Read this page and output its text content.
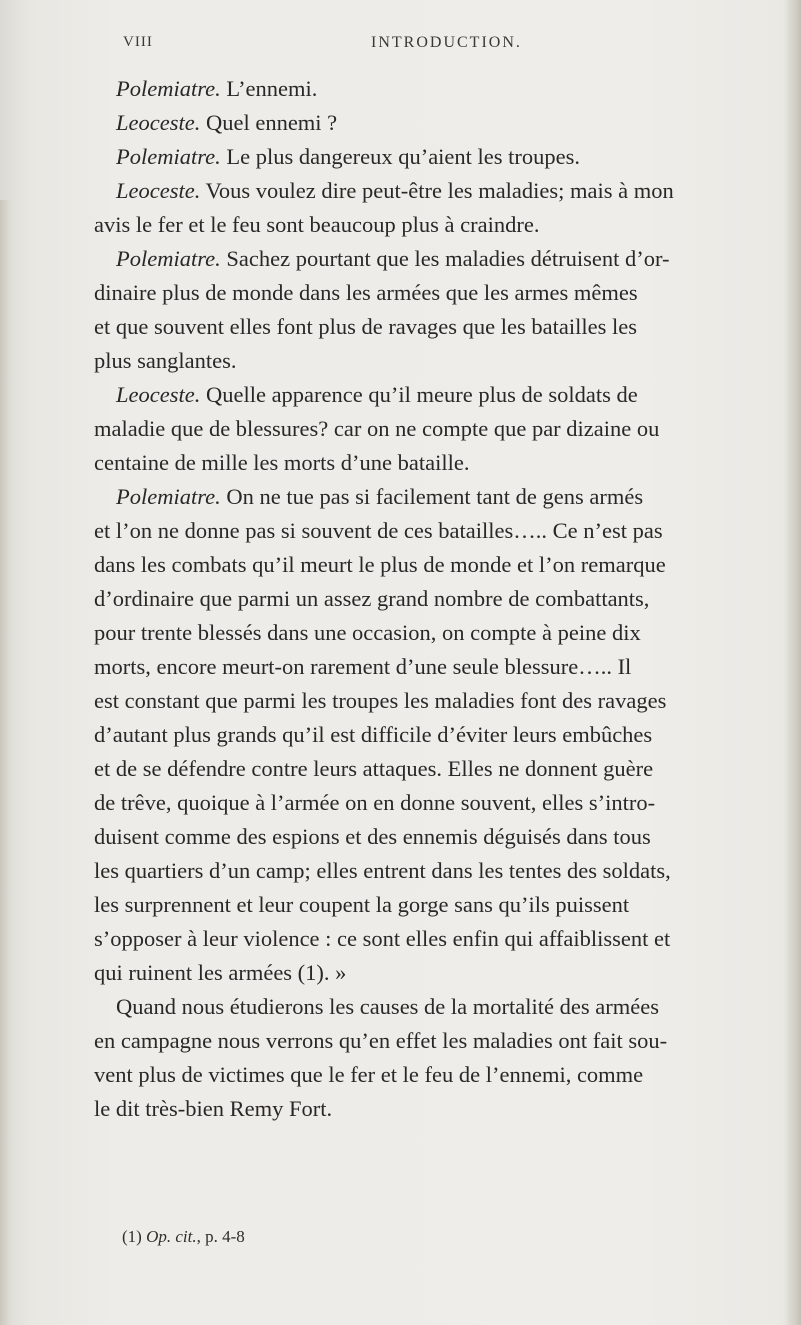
VIII	INTRODUCTION.
Polemiatre. L’ennemi.
Leoceste. Quel ennemi ?
Polemiatre. Le plus dangereux qu’aient les troupes.
Leoceste. Vous voulez dire peut-être les maladies; mais à mon
avis le fer et le feu sont beaucoup plus à craindre.
Polemiatre. Sachez pourtant que les maladies détruisent d’or-
dinaire plus de monde dans les armées que les armes mêmes
et que souvent elles font plus de ravages que les batailles les
plus sanglantes.
Leoceste. Quelle apparence qu’il meure plus de soldats de
maladie que de blessures? car on ne compte que par dizaine ou
centaine de mille les morts d’une bataille.
Polemiatre. On ne tue pas si facilement tant de gens armés
et l’on ne donne pas si souvent de ces batailles….. Ce n’est pas
dans les combats qu’il meurt le plus de monde et l’on remarque
d’ordinaire que parmi un assez grand nombre de combattants,
pour trente blessés dans une occasion, on compte à peine dix
morts, encore meurt-on rarement d’une seule blessure….. Il
est constant que parmi les troupes les maladies font des ravages
d’autant plus grands qu’il est difficile d’éviter leurs embûches
et de se défendre contre leurs attaques. Elles ne donnent guère
de trêve, quoique à l’armée on en donne souvent, elles s’intro-
duisent comme des espions et des ennemis déguisés dans tous
les quartiers d’un camp; elles entrent dans les tentes des soldats,
les surprennent et leur coupent la gorge sans qu’ils puissent
s’opposer à leur violence : ce sont elles enfin qui affaiblissent et
qui ruinent les armées (1). »
Quand nous étudierons les causes de la mortalité des armées
en campagne nous verrons qu’en effet les maladies ont fait sou-
vent plus de victimes que le fer et le feu de l’ennemi, comme
le dit très-bien Remy Fort.
(1) Op. cit., p. 4-8
